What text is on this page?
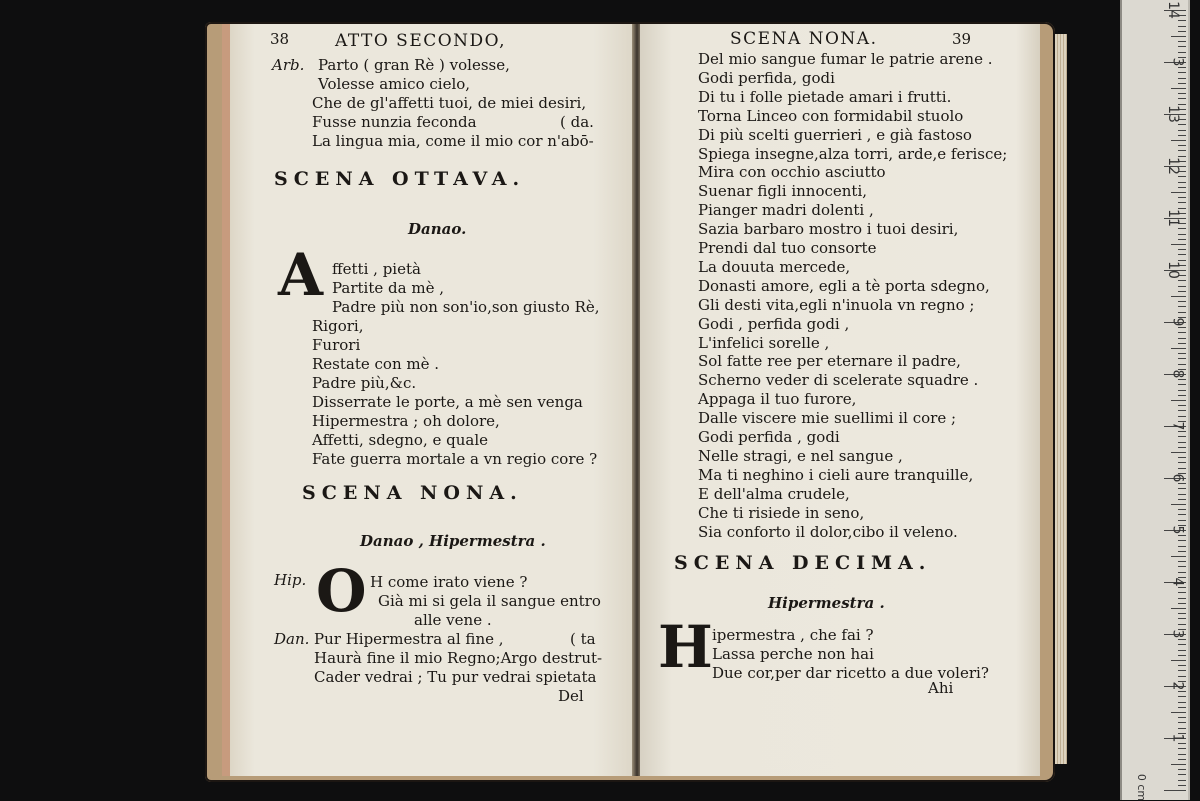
38	ATTO SECONDO,
Arb. Parto ( gran Rè ) volesse,
Volesse amico cielo,
Che de gl'affetti tuoi, de miei desiri,
Fusse nunzia feconda	( da.
La lingua mia, come il mio cor n'abō-
SCENA OTTAVA.
Danao.
A ffetti , pietà
Partite da mè ,
Padre più non son'io,son giusto Rè,
Rigori,
Furori
Restate con mè .
Padre più,&c.
Disserrate le porte, a mè sen venga
Hipermestra ; oh dolore,
Affetti, sdegno, e quale
Fate guerra mortale a vn regio core ?
SCENA NONA.
Danao , Hipermestra .
Hip. O H come irato viene ?
Già mi si gela il sangue entro
alle vene .
Dan. Pur Hipermestra al fine ,	( ta
Haurà fine il mio Regno;Argo destrut-
Cader vedrai ; Tu pur vedrai spietata
Del
SCENA NONA.	39
Del mio sangue fumar le patrie arene .
Godi perfida, godi
Di tu i folle pietade amari i frutti.
Torna Linceo con formidabil stuolo
Di più scelti guerrieri , e già fastoso
Spiega insegne,alza torri, arde,e ferisce;
Mira con occhio asciutto
Suenar figli innocenti,
Pianger madri dolenti ,
Sazia barbaro mostro i tuoi desiri,
Prendi dal tuo consorte
La douuta mercede,
Donasti amore, egli a tè porta sdegno,
Gli desti vita,egli n'inuola vn regno ;
Godi , perfida godi ,
L'infelici sorelle ,
Sol fatte ree per eternare il padre,
Scherno veder di scelerate squadre .
Appaga il tuo furore,
Dalle viscere mie suellimi il core ;
Godi perfida , godi
Nelle stragi, e nel sangue ,
Ma ti neghino i cieli aure tranquille,
E dell'alma crudele,
Che ti risiede in seno,
Sia conforto il dolor,cibo il veleno.
SCENA DECIMA.
Hipermestra .
H ipermestra , che fai ?
Lassa perche non hai
Due cor,per dar ricetto a due voleri?
Ahi
0 cm
14
3
13
12
11
10
9
8
7
6
5
4
3
2
1
